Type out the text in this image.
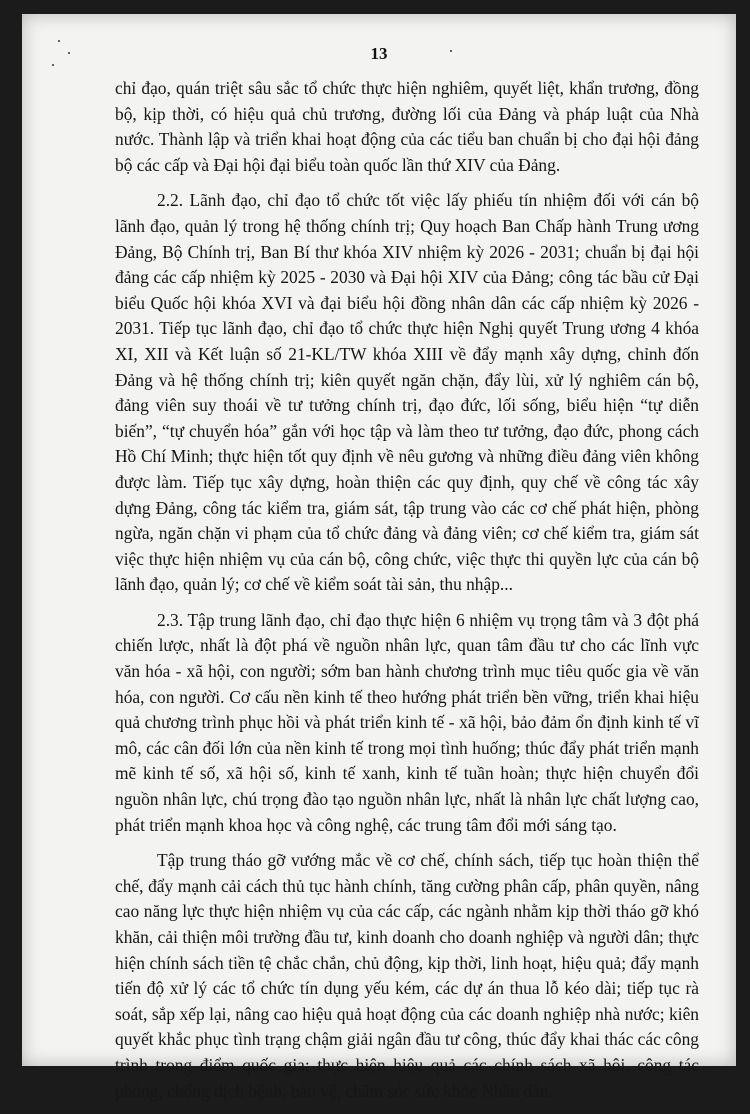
13

chỉ đạo, quán triệt sâu sắc tổ chức thực hiện nghiêm, quyết liệt, khẩn trương, đồng bộ, kịp thời, có hiệu quả chủ trương, đường lối của Đảng và pháp luật của Nhà nước. Thành lập và triển khai hoạt động của các tiểu ban chuẩn bị cho đại hội đảng bộ các cấp và Đại hội đại biểu toàn quốc lần thứ XIV của Đảng.

2.2. Lãnh đạo, chỉ đạo tổ chức tốt việc lấy phiếu tín nhiệm đối với cán bộ lãnh đạo, quản lý trong hệ thống chính trị; Quy hoạch Ban Chấp hành Trung ương Đảng, Bộ Chính trị, Ban Bí thư khóa XIV nhiệm kỳ 2026 - 2031; chuẩn bị đại hội đảng các cấp nhiệm kỳ 2025 - 2030 và Đại hội XIV của Đảng; công tác bầu cử Đại biểu Quốc hội khóa XVI và đại biểu hội đồng nhân dân các cấp nhiệm kỳ 2026 - 2031. Tiếp tục lãnh đạo, chỉ đạo tổ chức thực hiện Nghị quyết Trung ương 4 khóa XI, XII và Kết luận số 21-KL/TW khóa XIII về đẩy mạnh xây dựng, chỉnh đốn Đảng và hệ thống chính trị; kiên quyết ngăn chặn, đẩy lùi, xử lý nghiêm cán bộ, đảng viên suy thoái về tư tưởng chính trị, đạo đức, lối sống, biểu hiện “tự diễn biến”, “tự chuyển hóa” gắn với học tập và làm theo tư tưởng, đạo đức, phong cách Hồ Chí Minh; thực hiện tốt quy định về nêu gương và những điều đảng viên không được làm. Tiếp tục xây dựng, hoàn thiện các quy định, quy chế về công tác xây dựng Đảng, công tác kiểm tra, giám sát, tập trung vào các cơ chế phát hiện, phòng ngừa, ngăn chặn vi phạm của tổ chức đảng và đảng viên; cơ chế kiểm tra, giám sát việc thực hiện nhiệm vụ của cán bộ, công chức, việc thực thi quyền lực của cán bộ lãnh đạo, quản lý; cơ chế về kiểm soát tài sản, thu nhập...

2.3. Tập trung lãnh đạo, chỉ đạo thực hiện 6 nhiệm vụ trọng tâm và 3 đột phá chiến lược, nhất là đột phá về nguồn nhân lực, quan tâm đầu tư cho các lĩnh vực văn hóa - xã hội, con người; sớm ban hành chương trình mục tiêu quốc gia về văn hóa, con người. Cơ cấu nền kinh tế theo hướng phát triển bền vững, triển khai hiệu quả chương trình phục hồi và phát triển kinh tế - xã hội, bảo đảm ổn định kinh tế vĩ mô, các cân đối lớn của nền kinh tế trong mọi tình huống; thúc đẩy phát triển mạnh mẽ kinh tế số, xã hội số, kinh tế xanh, kinh tế tuần hoàn; thực hiện chuyển đổi nguồn nhân lực, chú trọng đào tạo nguồn nhân lực, nhất là nhân lực chất lượng cao, phát triển mạnh khoa học và công nghệ, các trung tâm đổi mới sáng tạo.

Tập trung tháo gỡ vướng mắc về cơ chế, chính sách, tiếp tục hoàn thiện thể chế, đẩy mạnh cải cách thủ tục hành chính, tăng cường phân cấp, phân quyền, nâng cao năng lực thực hiện nhiệm vụ của các cấp, các ngành nhằm kịp thời tháo gỡ khó khăn, cải thiện môi trường đầu tư, kinh doanh cho doanh nghiệp và người dân; thực hiện chính sách tiền tệ chắc chắn, chủ động, kịp thời, linh hoạt, hiệu quả; đẩy mạnh tiến độ xử lý các tổ chức tín dụng yếu kém, các dự án thua lỗ kéo dài; tiếp tục rà soát, sắp xếp lại, nâng cao hiệu quả hoạt động của các doanh nghiệp nhà nước; kiên quyết khắc phục tình trạng chậm giải ngân đầu tư công, thúc đẩy khai thác các công trình trọng điểm quốc gia; thực hiện hiệu quả các chính sách xã hội, công tác phòng, chống dịch bệnh, bảo vệ, chăm sóc sức khỏe Nhân dân.
